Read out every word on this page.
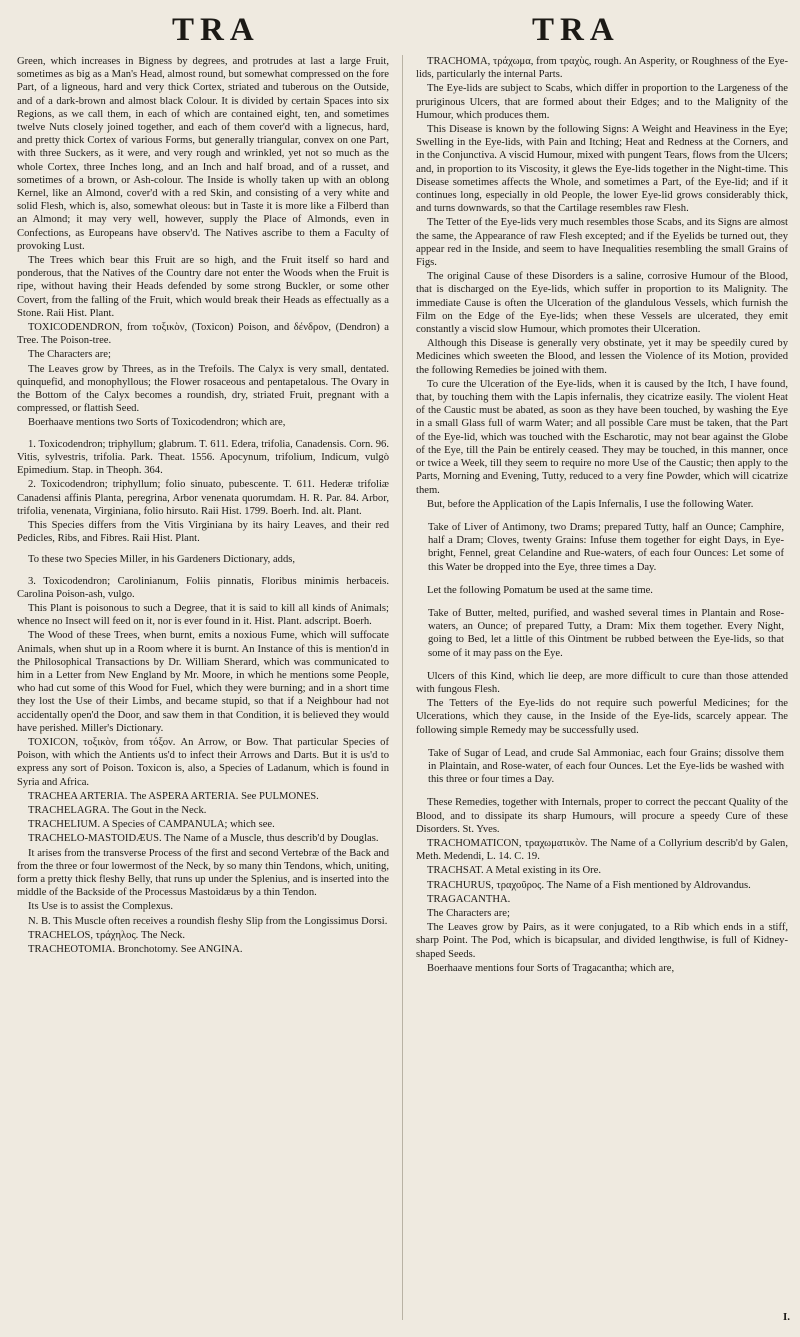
TRA	TRA

Green, which increases in Bigness by degrees, and protrudes at last a large Fruit, sometimes as big as a Man's Head, almost round, but somewhat compressed on the fore Part, of a ligneous, hard and very thick Cortex, striated and tuberous on the Outside, and of a dark-brown and almost black Colour. It is divided by certain Spaces into six Regions, as we call them, in each of which are contained eight, ten, and sometimes twelve Nuts closely joined together, and each of them cover'd with a lignecus, hard, and pretty thick Cortex of various Forms, but generally triangular, convex on one Part, with three Suckers, as it were, and very rough and wrinkled, yet not so much as the whole Cortex, three Inches long, and an Inch and half broad, and of a russet, and sometimes of a brown, or Ash-colour. The Inside is wholly taken up with an oblong Kernel, like an Almond, cover'd with a red Skin, and consisting of a very white and solid Flesh, which is, also, somewhat oleous: but in Taste it is more like a Filberd than an Almond; it may very well, however, supply the Place of Almonds, even in Confections, as Europeans have observ'd. The Natives ascribe to them a Faculty of provoking Lust.

The Trees which bear this Fruit are so high, and the Fruit itself so hard and ponderous, that the Natives of the Country dare not enter the Woods when the Fruit is ripe, without having their Heads defended by some strong Buckler, or some other Covert, from the falling of the Fruit, which would break their Heads as effectually as a Stone. Raii Hist. Plant.

TOXICODENDRON, from τοξικὸν, (Toxicon) Poison, and δένδρον, (Dendron) a Tree. The Poison-tree.

The Characters are;

The Leaves grow by Threes, as in the Trefoils. The Calyx is very small, dentated. quinquefid, and monophyllous; the Flower rosaceous and pentapetalous. The Ovary in the Bottom of the Calyx becomes a roundish, dry, striated Fruit, pregnant with a compressed, or flattish Seed.

Boerhaave mentions two Sorts of Toxicodendron; which are,

1. Toxicodendron; triphyllum; glabrum. T. 611. Edera, trifolia, Canadensis. Corn. 96. Vitis, sylvestris, trifolia. Park. Theat. 1556. Apocynum, trifolium, Indicum, vulgò Epimedium. Stap. in Theoph. 364.

2. Toxicodendron; triphyllum; folio sinuato, pubescente. T. 611. Hederæ trifoliæ Canadensi affinis Planta, peregrina, Arbor venenata quorumdam. H. R. Par. 84. Arbor, trifolia, venenata, Virginiana, folio hirsuto. Raii Hist. 1799. Boerh. Ind. alt. Plant.

This Species differs from the Vitis Virginiana by its hairy Leaves, and their red Pedicles, Ribs, and Fibres. Raii Hist. Plant.

To these two Species Miller, in his Gardeners Dictionary, adds,

3. Toxicodendron; Carolinianum, Foliis pinnatis, Floribus minimis herbaceis. Carolina Poison-ash, vulgo.

This Plant is poisonous to such a Degree, that it is said to kill all kinds of Animals; whence no Insect will feed on it, nor is ever found in it. Hist. Plant. adscript. Boerh.

The Wood of these Trees, when burnt, emits a noxious Fume, which will suffocate Animals, when shut up in a Room where it is burnt. An Instance of this is mention'd in the Philosophical Transactions by Dr. William Sherard, which was communicated to him in a Letter from New England by Mr. Moore, in which he mentions some People, who had cut some of this Wood for Fuel, which they were burning; and in a short time they lost the Use of their Limbs, and became stupid, so that if a Neighbour had not accidentally open'd the Door, and saw them in that Condition, it is believed they would have perished. Miller's Dictionary.

TOXICON, τοξικὸν, from τόξον. An Arrow, or Bow. That particular Species of Poison, with which the Antients us'd to infect their Arrows and Darts. But it is us'd to express any sort of Poison. Toxicon is, also, a Species of Ladanum, which is found in Syria and Africa.

TRACHEA ARTERIA. The ASPERA ARTERIA. See PULMONES.

TRACHELAGRA. The Gout in the Neck.

TRACHELIUM. A Species of CAMPANULA; which see.

TRACHELO-MASTOIDÆUS. The Name of a Muscle, thus describ'd by Douglas.

It arises from the transverse Process of the first and second Vertebræ of the Back and from the three or four lowermost of the Neck, by so many thin Tendons, which, uniting, form a pretty thick fleshy Belly, that runs up under the Splenius, and is inserted into the middle of the Backside of the Processus Mastoidæus by a thin Tendon.

Its Use is to assist the Complexus.

N. B. This Muscle often receives a roundish fleshy Slip from the Longissimus Dorsi.

TRACHELOS, τράχηλος. The Neck.

TRACHEOTOMIA. Bronchotomy. See ANGINA.

TRACHOMA, τράχωμα, from τραχὺς, rough. An Asperity, or Roughness of the Eye-lids, particularly the internal Parts.

The Eye-lids are subject to Scabs, which differ in proportion to the Largeness of the pruriginous Ulcers, that are formed about their Edges; and to the Malignity of the Humour, which produces them.

This Disease is known by the following Signs: A Weight and Heaviness in the Eye; Swelling in the Eye-lids, with Pain and Itching; Heat and Redness at the Corners, and in the Conjunctiva. A viscid Humour, mixed with pungent Tears, flows from the Ulcers; and, in proportion to its Viscosity, it glews the Eye-lids together in the Night-time. This Disease sometimes affects the Whole, and sometimes a Part, of the Eye-lid; and if it continues long, especially in old People, the lower Eye-lid grows considerably thick, and turns downwards, so that the Cartilage resembles raw Flesh.

The Tetter of the Eye-lids very much resembles those Scabs, and its Signs are almost the same, the Appearance of raw Flesh excepted; and if the Eyelids be turned out, they appear red in the Inside, and seem to have Inequalities resembling the small Grains of Figs.

The original Cause of these Disorders is a saline, corrosive Humour of the Blood, that is discharged on the Eye-lids, which suffer in proportion to its Malignity. The immediate Cause is often the Ulceration of the glandulous Vessels, which furnish the Film on the Edge of the Eye-lids; when these Vessels are ulcerated, they emit constantly a viscid slow Humour, which promotes their Ulceration.

Although this Disease is generally very obstinate, yet it may be speedily cured by Medicines which sweeten the Blood, and lessen the Violence of its Motion, provided the following Remedies be joined with them.

To cure the Ulceration of the Eye-lids, when it is caused by the Itch, I have found, that, by touching them with the Lapis infernalis, they cicatrize easily. The violent Heat of the Caustic must be abated, as soon as they have been touched, by washing the Eye in a small Glass full of warm Water; and all possible Care must be taken, that the Part of the Eye-lid, which was touched with the Escharotic, may not bear against the Globe of the Eye, till the Pain be entirely ceased. They may be touched, in this manner, once or twice a Week, till they seem to require no more Use of the Caustic; then apply to the Parts, Morning and Evening, Tutty, reduced to a very fine Powder, which will cicatrize them.

But, before the Application of the Lapis Infernalis, I use the following Water.

Take of Liver of Antimony, two Drams; prepared Tutty, half an Ounce; Camphire, half a Dram; Cloves, twenty Grains: Infuse them together for eight Days, in Eye-bright, Fennel, great Celandine and Rue-waters, of each four Ounces: Let some of this Water be dropped into the Eye, three times a Day.

Let the following Pomatum be used at the same time.

Take of Butter, melted, purified, and washed several times in Plantain and Rose-waters, an Ounce; of prepared Tutty, a Dram: Mix them together. Every Night, going to Bed, let a little of this Ointment be rubbed between the Eye-lids, so that some of it may pass on the Eye.

Ulcers of this Kind, which lie deep, are more difficult to cure than those attended with fungous Flesh.

The Tetters of the Eye-lids do not require such powerful Medicines; for the Ulcerations, which they cause, in the Inside of the Eye-lids, scarcely appear. The following simple Remedy may be successfully used.

Take of Sugar of Lead, and crude Sal Ammoniac, each four Grains; dissolve them in Plaintain, and Rose-water, of each four Ounces. Let the Eye-lids be washed with this three or four times a Day.

These Remedies, together with Internals, proper to correct the peccant Quality of the Blood, and to dissipate its sharp Humours, will procure a speedy Cure of these Disorders. St. Yves.

TRACHOMATICON, τραχωματικὸν. The Name of a Collyrium describ'd by Galen, Meth. Medendi, L. 14. C. 19.

TRACHSAT. A Metal existing in its Ore.

TRACHURUS, τραχοῦρος. The Name of a Fish mentioned by Aldrovandus.

TRAGACANTHA.

The Characters are;

The Leaves grow by Pairs, as it were conjugated, to a Rib which ends in a stiff, sharp Point. The Pod, which is bicapsular, and divided lengthwise, is full of Kidney-shaped Seeds.

Boerhaave mentions four Sorts of Tragacantha; which are,

I.
